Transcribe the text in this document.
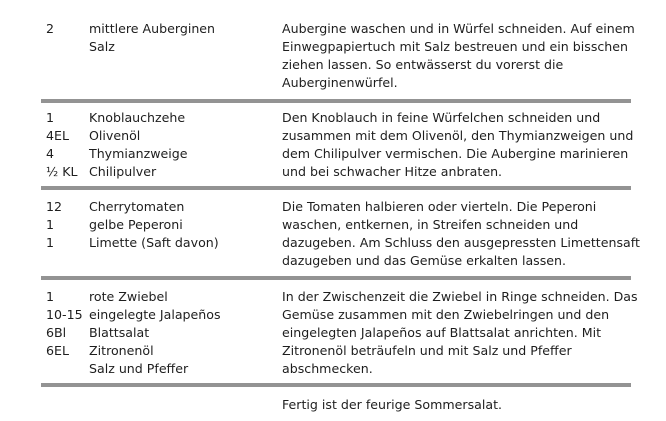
2	mittlere Auberginen
Salz
Aubergine waschen und in Würfel schneiden. Auf einem
Einwegpapiertuch mit Salz bestreuen und ein bisschen
ziehen lassen. So entwässerst du vorerst die
Auberginenwürfel.
1
4EL
4
½ KL
Knoblauchzehe
Olivenöl
Thymianzweige
Chilipulver
Den Knoblauch in feine Würfelchen schneiden und
zusammen mit dem Olivenöl, den Thymianzweigen und
dem Chilipulver vermischen. Die Aubergine marinieren
und bei schwacher Hitze anbraten.
12
1
1
Cherrytomaten
gelbe Peperoni
Limette (Saft davon)
Die Tomaten halbieren oder vierteln. Die Peperoni
waschen, entkernen, in Streifen schneiden und
dazugeben. Am Schluss den ausgepressten Limettensaft
dazugeben und das Gemüse erkalten lassen.
1
10-15
6Bl
6EL
rote Zwiebel
eingelegte Jalapeños
Blattsalat
Zitronenöl
Salz und Pfeffer
In der Zwischenzeit die Zwiebel in Ringe schneiden. Das
Gemüse zusammen mit den Zwiebelringen und den
eingelegten Jalapeños auf Blattsalat anrichten. Mit
Zitronenöl beträufeln und mit Salz und Pfeffer
abschmecken.
Fertig ist der feurige Sommersalat.
